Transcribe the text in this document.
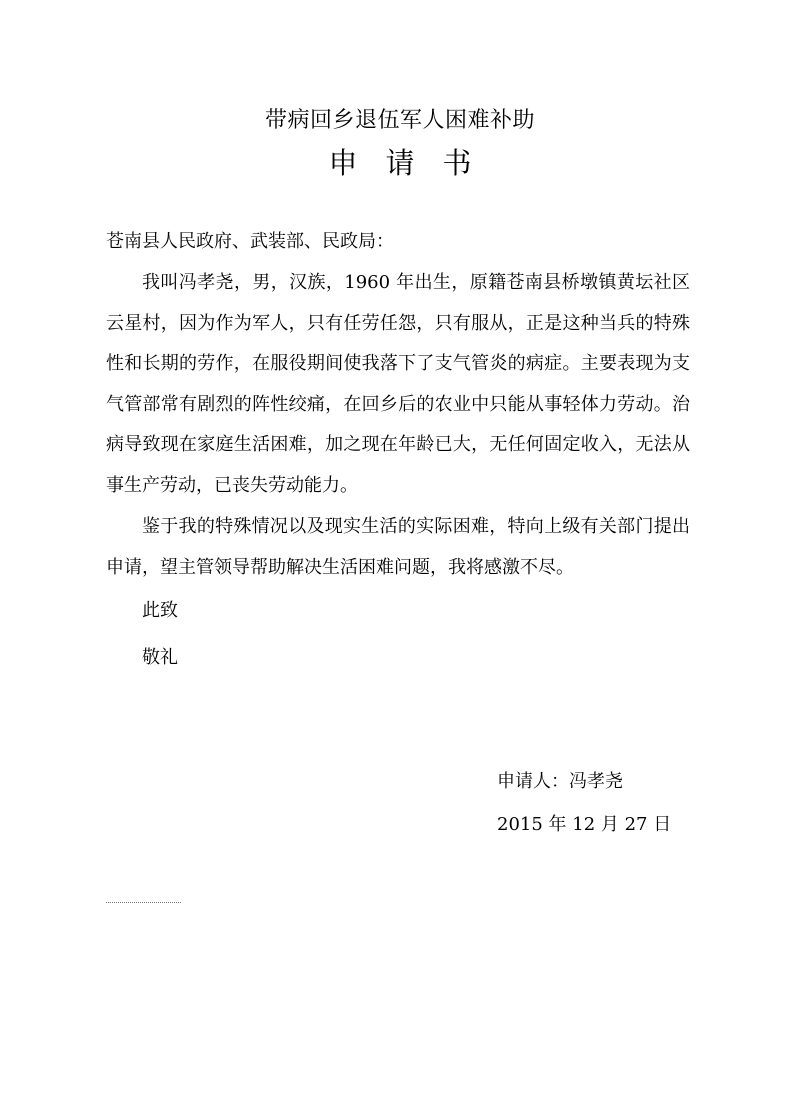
带病回乡退伍军人困难补助
申 请 书
苍南县人民政府、武装部、民政局：
我叫冯孝尧，男，汉族，1960 年出生，原籍苍南县桥墩镇黄坛社区云星村，因为作为军人，只有任劳任怨，只有服从，正是这种当兵的特殊性和长期的劳作，在服役期间使我落下了支气管炎的病症。主要表现为支气管部常有剧烈的阵性绞痛，在回乡后的农业中只能从事轻体力劳动。治病导致现在家庭生活困难，加之现在年龄已大，无任何固定收入，无法从事生产劳动，已丧失劳动能力。
鉴于我的特殊情况以及现实生活的实际困难，特向上级有关部门提出申请，望主管领导帮助解决生活困难问题，我将感激不尽。
此致
敬礼
申请人：冯孝尧
2015 年 12 月 27 日
